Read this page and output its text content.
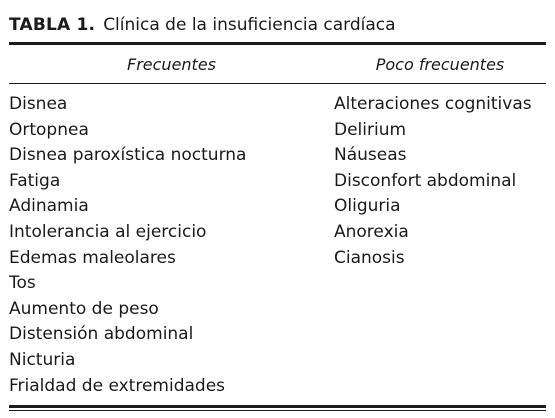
TABLA 1. Clínica de la insuficiencia cardíaca
Frecuentes	Poco frecuentes
Disnea
Ortopnea
Disnea paroxística nocturna
Fatiga
Adinamia
Intolerancia al ejercicio
Edemas maleolares
Tos
Aumento de peso
Distensión abdominal
Nicturia
Frialdad de extremidades
Alteraciones cognitivas
Delirium
Náuseas
Disconfort abdominal
Oliguria
Anorexia
Cianosis
